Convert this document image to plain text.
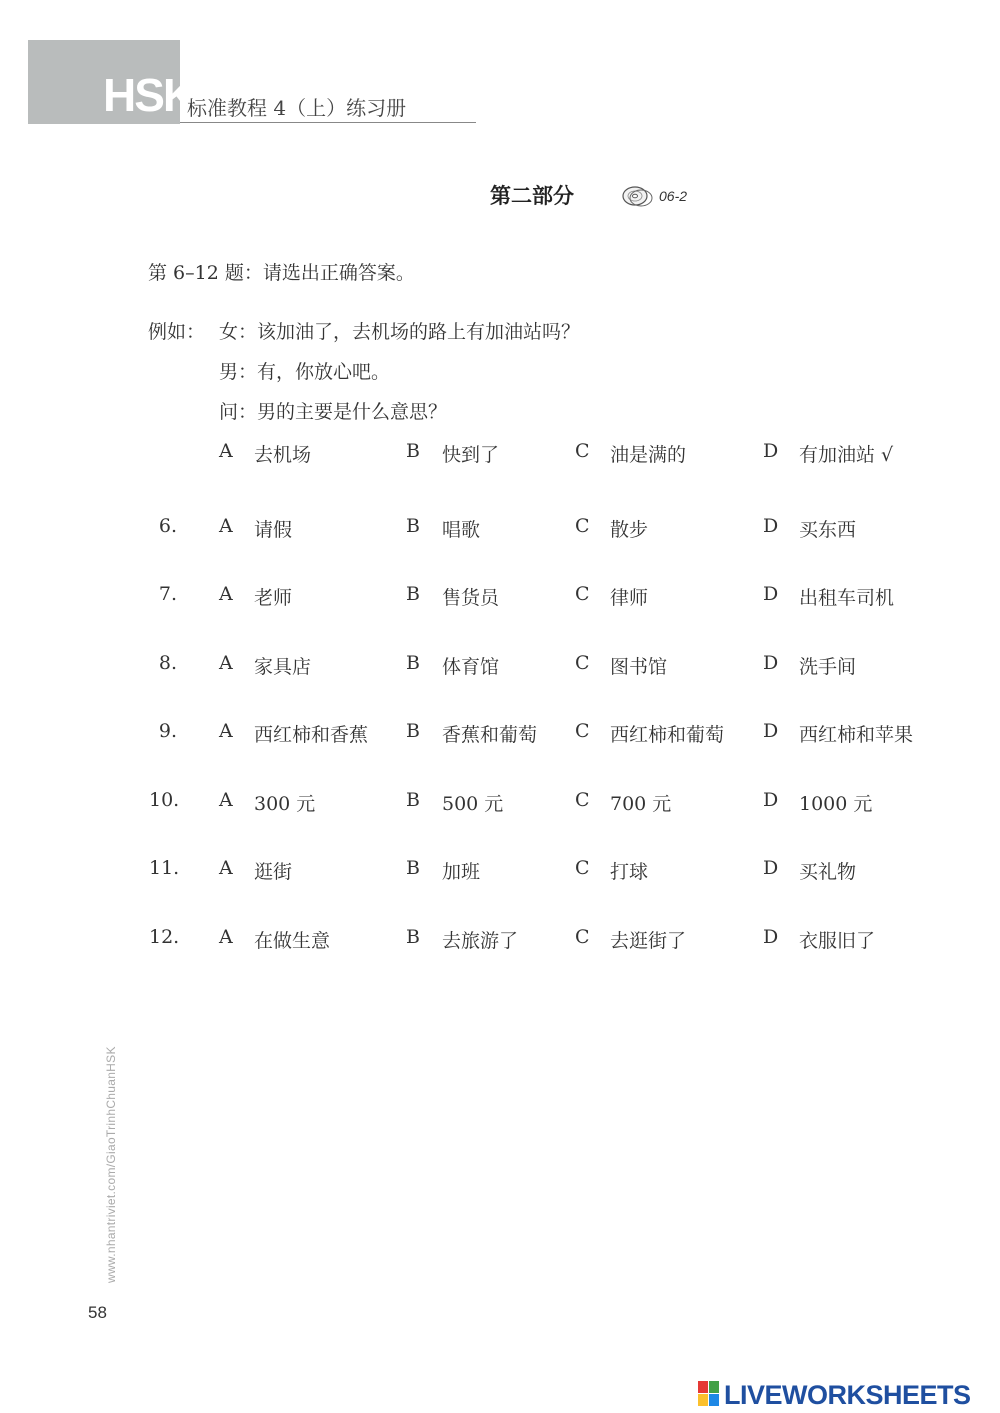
HSK
标准教程 4（上）练习册
第二部分	06-2
第 6–12 题：请选出正确答案。
例如： 女：该加油了，去机场的路上有加油站吗？
男：有，你放心吧。
问：男的主要是什么意思？
A 去机场	B 快到了	C 油是满的	D 有加油站 √
6. A 请假	B 唱歌	C 散步	D 买东西
7. A 老师	B 售货员	C 律师	D 出租车司机
8. A 家具店	B 体育馆	C 图书馆	D 洗手间
9. A 西红柿和香蕉 B 香蕉和葡萄 C 西红柿和葡萄 D 西红柿和苹果
10. A 300 元	B 500 元	C 700 元	D 1000 元
11. A 逛街	B 加班	C 打球	D 买礼物
12. A 在做生意	B 去旅游了	C 去逛街了	D 衣服旧了
www.nhantriviet.com/GiaoTrinhChuanHSK
58
LIVEWORKSHEETS
